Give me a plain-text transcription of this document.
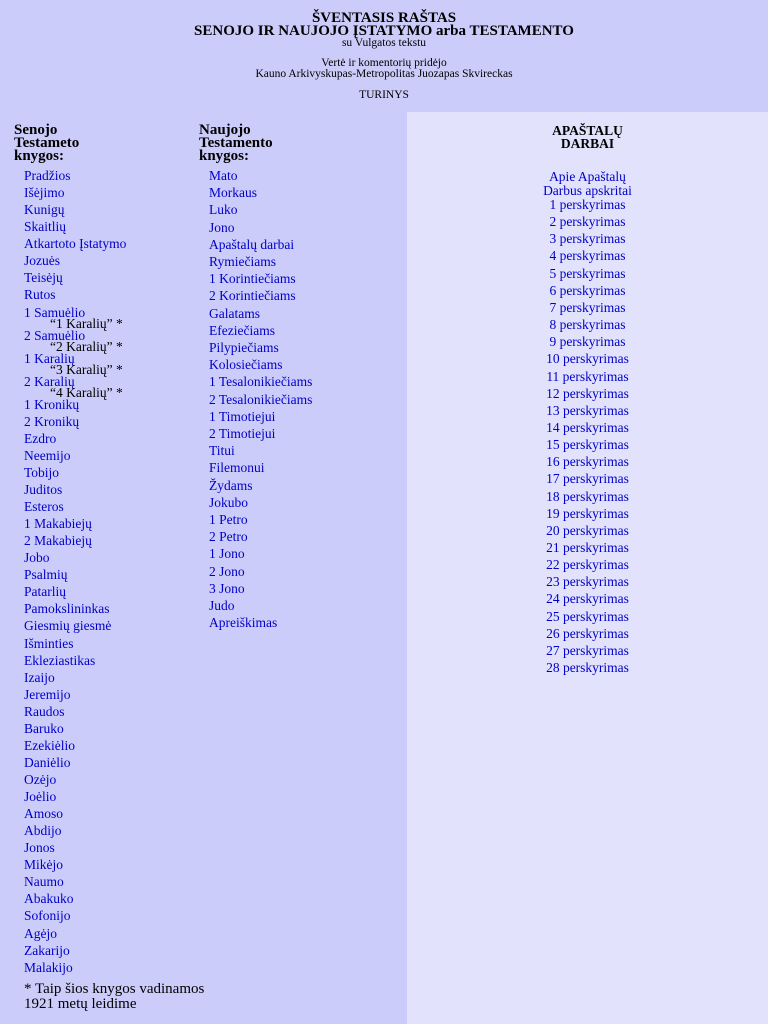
ŠVENTASIS RAŠTAS
SENOJO IR NAUJOJO ĮSTATYMO arba TESTAMENTO
su Vulgatos tekstu
Vertė ir komentorių pridėjo
Kauno Arkivyskupas-Metropolitas Juozapas Skvireckas
TURINYS
Senojo
Testameto
knygos:
Pradžios
Išėjimo
Kunigų
Skaitlių
Atkartoto Įstatymo
Jozuės
Teisėjų
Rutos
1 Samuėlio
“1 Karalių” *
2 Samuėlio
“2 Karalių” *
1 Karalių
“3 Karalių” *
2 Karalių
“4 Karalių” *
1 Kronikų
2 Kronikų
Ezdro
Neemijo
Tobijo
Juditos
Esteros
1 Makabiejų
2 Makabiejų
Jobo
Psalmių
Patarlių
Pamokslininkas
Giesmių giesmė
Išminties
Ekleziastikas
Izaijo
Jeremijo
Raudos
Baruko
Ezekiėlio
Daniėlio
Ozėjo
Joėlio
Amoso
Abdijo
Jonos
Mikėjo
Naumo
Abakuko
Sofonijo
Agėjo
Zakarijo
Malakijo
Naujojo
Testamento
knygos:
Mato
Morkaus
Luko
Jono
Apaštalų darbai
Rymiečiams
1 Korintiečiams
2 Korintiečiams
Galatams
Efeziečiams
Pilypiečiams
Kolosiečiams
1 Tesalonikiečiams
2 Tesalonikiečiams
1 Timotiejui
2 Timotiejui
Titui
Filemonui
Žydams
Jokubo
1 Petro
2 Petro
1 Jono
2 Jono
3 Jono
Judo
Apreiškimas
APAŠTALŲ
DARBAI
Apie Apaštalų
Darbus apskritai
1 perskyrimas
2 perskyrimas
3 perskyrimas
4 perskyrimas
5 perskyrimas
6 perskyrimas
7 perskyrimas
8 perskyrimas
9 perskyrimas
10 perskyrimas
11 perskyrimas
12 perskyrimas
13 perskyrimas
14 perskyrimas
15 perskyrimas
16 perskyrimas
17 perskyrimas
18 perskyrimas
19 perskyrimas
20 perskyrimas
21 perskyrimas
22 perskyrimas
23 perskyrimas
24 perskyrimas
25 perskyrimas
26 perskyrimas
27 perskyrimas
28 perskyrimas
* Taip šios knygos vadinamos
1921 metų leidime
